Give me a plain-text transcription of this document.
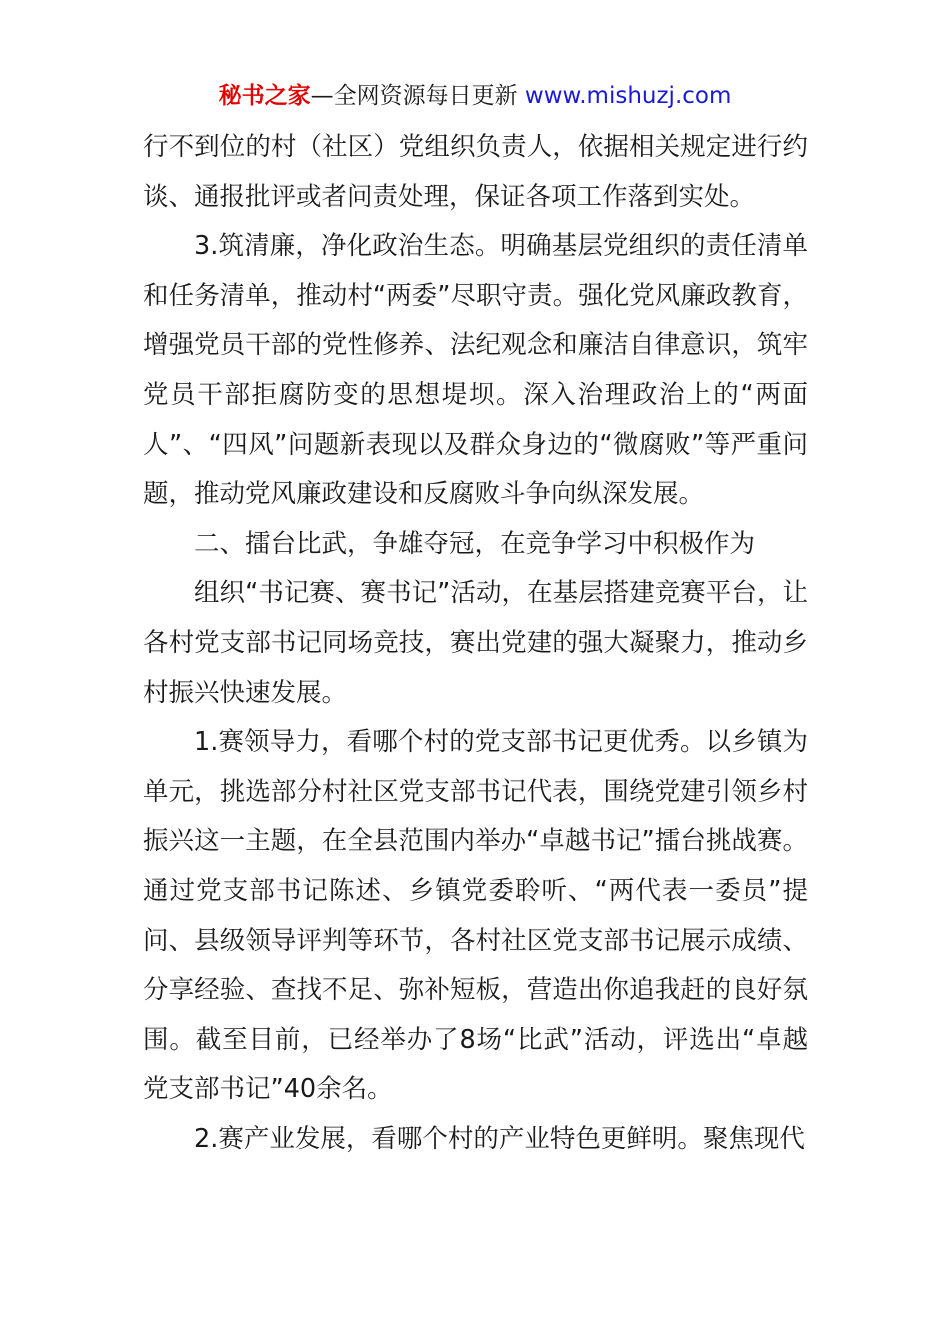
秘书之家—全网资源每日更新 www.mishuzj.com

行不到位的村（社区）党组织负责人，依据相关规定进行约谈、通报批评或者问责处理，保证各项工作落到实处。

3.筑清廉，净化政治生态。明确基层党组织的责任清单和任务清单，推动村“两委”尽职守责。强化党风廉政教育，增强党员干部的党性修养、法纪观念和廉洁自律意识，筑牢党员干部拒腐防变的思想堤坝。深入治理政治上的“两面人”、“四风”问题新表现以及群众身边的“微腐败”等严重问题，推动党风廉政建设和反腐败斗争向纵深发展。

二、擂台比武，争雄夺冠，在竞争学习中积极作为

组织“书记赛、赛书记”活动，在基层搭建竞赛平台，让各村党支部书记同场竞技，赛出党建的强大凝聚力，推动乡村振兴快速发展。

1.赛领导力，看哪个村的党支部书记更优秀。以乡镇为单元，挑选部分村社区党支部书记代表，围绕党建引领乡村振兴这一主题，在全县范围内举办“卓越书记”擂台挑战赛。通过党支部书记陈述、乡镇党委聆听、“两代表一委员”提问、县级领导评判等环节，各村社区党支部书记展示成绩、分享经验、查找不足、弥补短板，营造出你追我赶的良好氛围。截至目前，已经举办了8场“比武”活动，评选出“卓越党支部书记”40余名。

2.赛产业发展，看哪个村的产业特色更鲜明。聚焦现代
